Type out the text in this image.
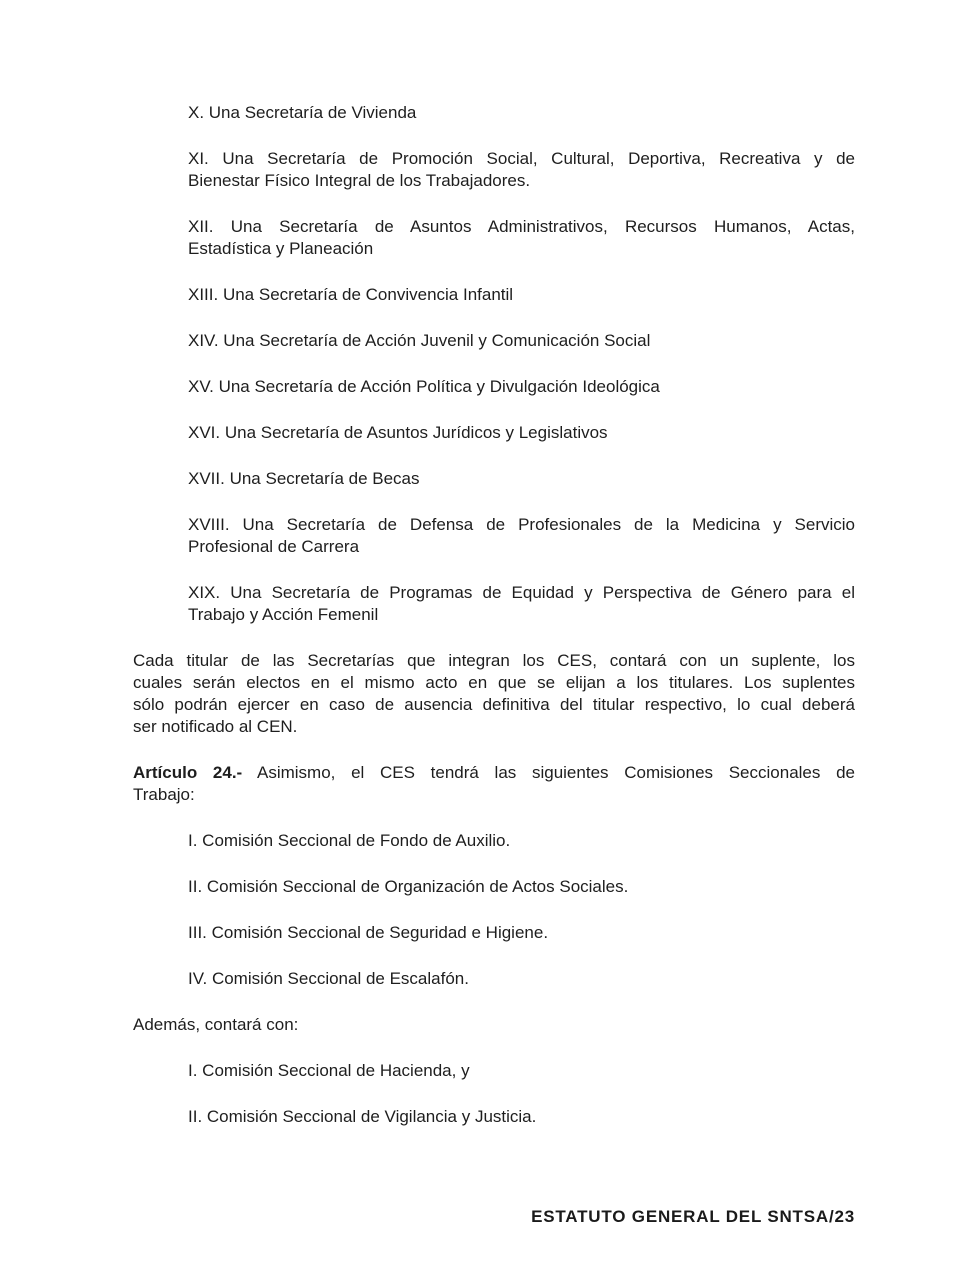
X. Una Secretaría de Vivienda
XI. Una Secretaría de Promoción Social, Cultural, Deportiva, Recreativa y de
Bienestar Físico Integral de los Trabajadores.
XII. Una Secretaría de Asuntos Administrativos, Recursos Humanos, Actas,
Estadística y Planeación
XIII. Una Secretaría de Convivencia Infantil
XIV. Una Secretaría de Acción Juvenil y Comunicación Social
XV. Una Secretaría de Acción Política y Divulgación Ideológica
XVI. Una Secretaría de Asuntos Jurídicos y Legislativos
XVII. Una Secretaría de Becas
XVIII. Una Secretaría de Defensa de Profesionales de la Medicina y Servicio
Profesional de Carrera
XIX. Una Secretaría de Programas de Equidad y Perspectiva de Género para el
Trabajo y Acción Femenil
Cada titular de las Secretarías que integran los CES, contará con un suplente, los
cuales serán electos en el mismo acto en que se elijan a los titulares. Los suplentes
sólo podrán ejercer en caso de ausencia definitiva del titular respectivo, lo cual deberá
ser notificado al CEN.
Artículo 24.- Asimismo, el CES tendrá las siguientes Comisiones Seccionales de
Trabajo:
I. Comisión Seccional de Fondo de Auxilio.
II. Comisión Seccional de Organización de Actos Sociales.
III. Comisión Seccional de Seguridad e Higiene.
IV. Comisión Seccional de Escalafón.
Además, contará con:
I. Comisión Seccional de Hacienda, y
II. Comisión Seccional de Vigilancia y Justicia.
ESTATUTO GENERAL DEL SNTSA/23
